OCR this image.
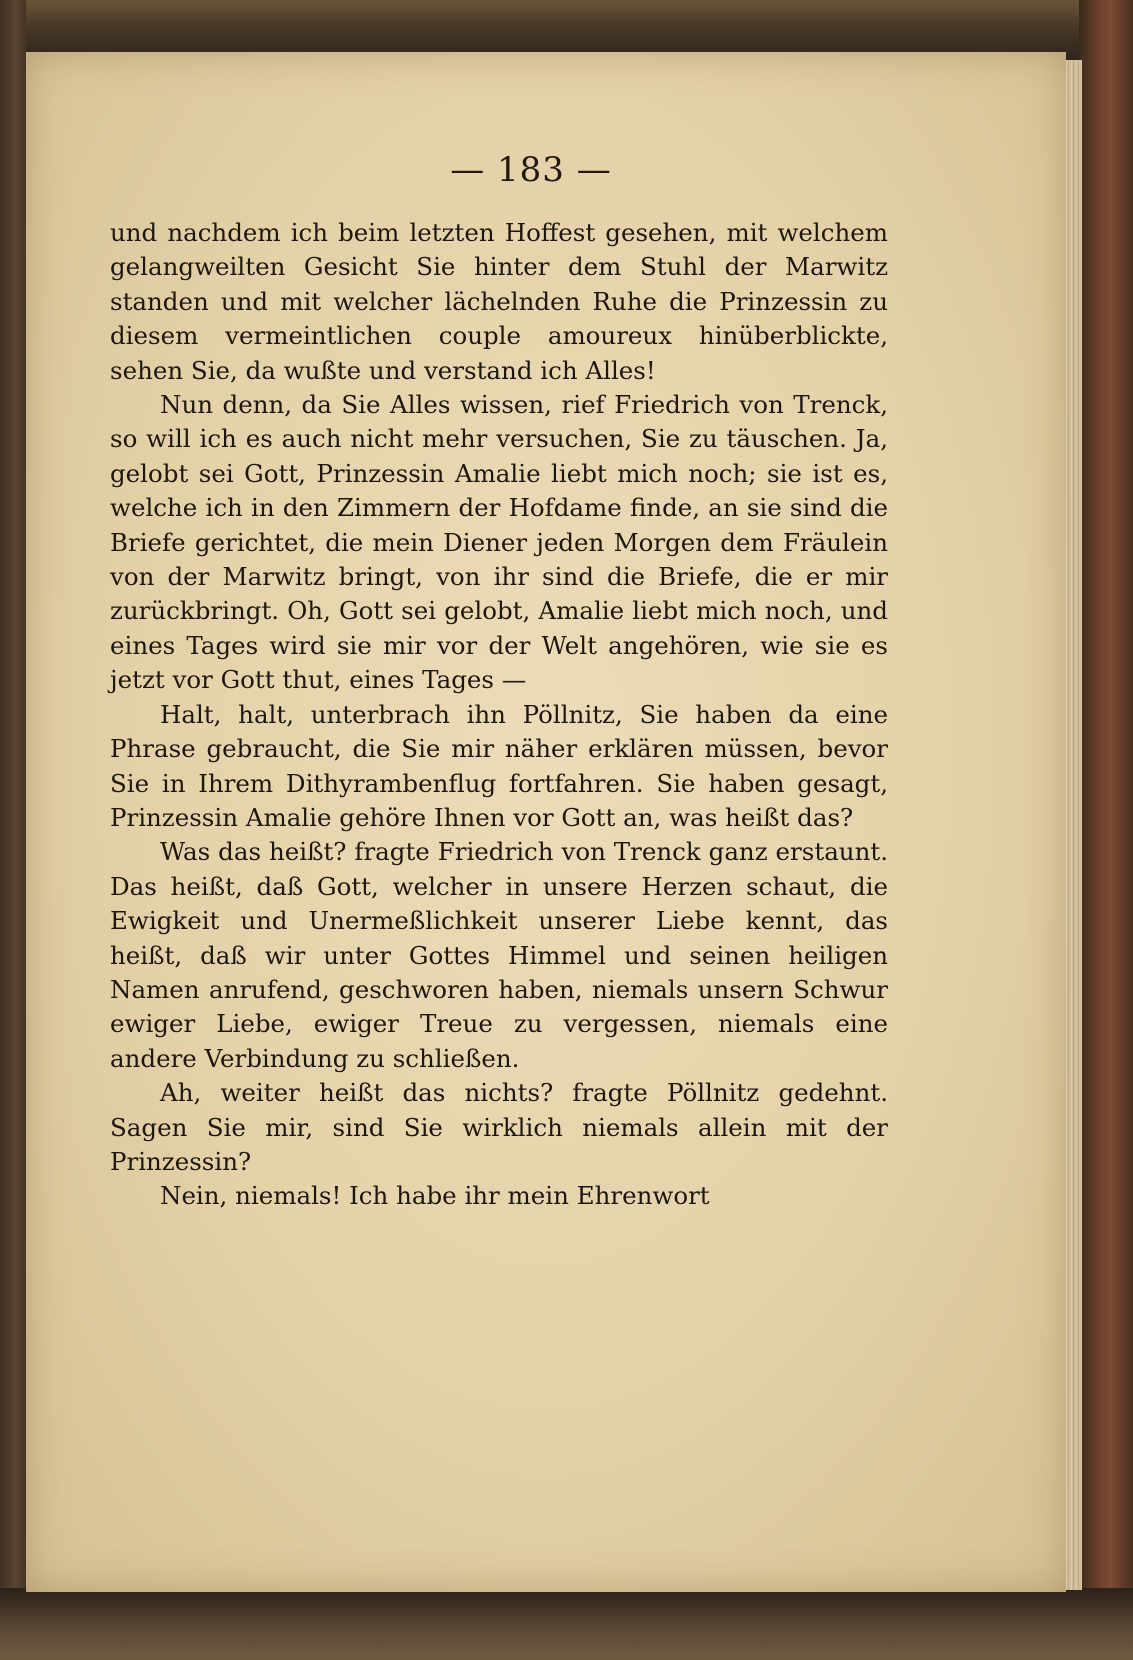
— 183 —

und nachdem ich beim letzten Hoffest gesehen, mit welchem gelangweilten Gesicht Sie hinter dem Stuhl der Marwitz standen und mit welcher lächelnden Ruhe die Prinzessin zu diesem vermeintlichen couple amoureux hinüberblickte, sehen Sie, da wußte und verstand ich Alles!

Nun denn, da Sie Alles wissen, rief Friedrich von Trenck, so will ich es auch nicht mehr versuchen, Sie zu täuschen. Ja, gelobt sei Gott, Prinzessin Amalie liebt mich noch; sie ist es, welche ich in den Zimmern der Hofdame finde, an sie sind die Briefe gerichtet, die mein Diener jeden Morgen dem Fräulein von der Marwitz bringt, von ihr sind die Briefe, die er mir zurückbringt. Oh, Gott sei gelobt, Amalie liebt mich noch, und eines Tages wird sie mir vor der Welt angehören, wie sie es jetzt vor Gott thut, eines Tages —

Halt, halt, unterbrach ihn Pöllnitz, Sie haben da eine Phrase gebraucht, die Sie mir näher erklären müssen, bevor Sie in Ihrem Dithyrambenflug fortfahren. Sie haben gesagt, Prinzessin Amalie gehöre Ihnen vor Gott an, was heißt das?

Was das heißt? fragte Friedrich von Trenck ganz erstaunt. Das heißt, daß Gott, welcher in unsere Herzen schaut, die Ewigkeit und Unermeßlichkeit unserer Liebe kennt, das heißt, daß wir unter Gottes Himmel und seinen heiligen Namen anrufend, geschworen haben, niemals unsern Schwur ewiger Liebe, ewiger Treue zu vergessen, niemals eine andere Verbindung zu schließen.

Ah, weiter heißt das nichts? fragte Pöllnitz gedehnt. Sagen Sie mir, sind Sie wirklich niemals allein mit der Prinzessin?

Nein, niemals! Ich habe ihr mein Ehrenwort
